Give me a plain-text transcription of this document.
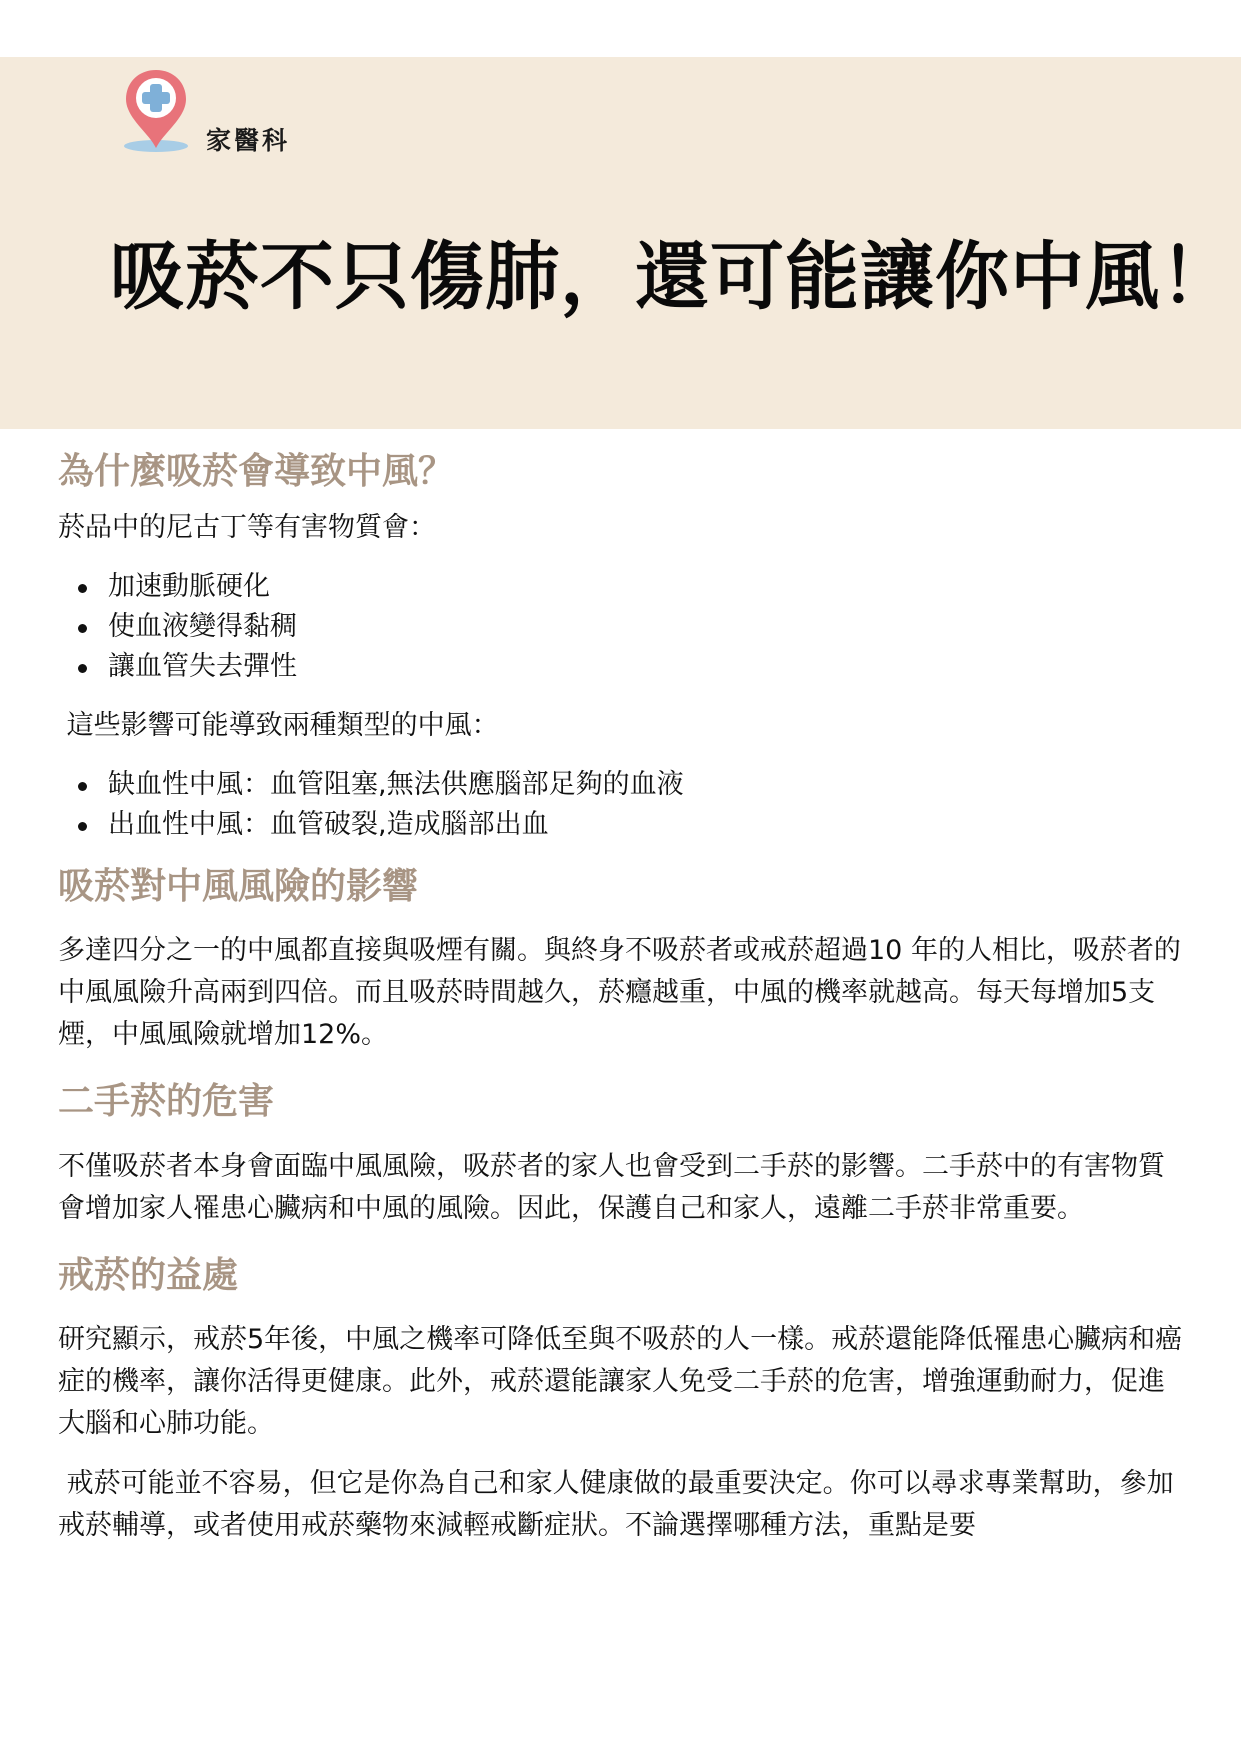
家醫科
吸菸不只傷肺，還可能讓你中風！
為什麼吸菸會導致中風？

菸品中的尼古丁等有害物質會：

加速動脈硬化
使血液變得黏稠
讓血管失去彈性

這些影響可能導致兩種類型的中風：

缺血性中風：血管阻塞,無法供應腦部足夠的血液
出血性中風：血管破裂,造成腦部出血
吸菸對中風風險的影響

多達四分之一的中風都直接與吸煙有關。與終身不吸菸者或戒菸超過10 年的人相比，吸菸者的中風風險升高兩到四倍。而且吸菸時間越久，菸癮越重，中風的機率就越高。每天每增加5支煙，中風風險就增加12%。

二手菸的危害

不僅吸菸者本身會面臨中風風險，吸菸者的家人也會受到二手菸的影響。二手菸中的有害物質會增加家人罹患心臟病和中風的風險。因此，保護自己和家人，遠離二手菸非常重要。

戒菸的益處

研究顯示，戒菸5年後，中風之機率可降低至與不吸菸的人一樣。戒菸還能降低罹患心臟病和癌症的機率，讓你活得更健康。此外，戒菸還能讓家人免受二手菸的危害，增強運動耐力，促進大腦和心肺功能。

戒菸可能並不容易，但它是你為自己和家人健康做的最重要決定。你可以尋求專業幫助，參加戒菸輔導，或者使用戒菸藥物來減輕戒斷症狀。不論選擇哪種方法，重點是要
